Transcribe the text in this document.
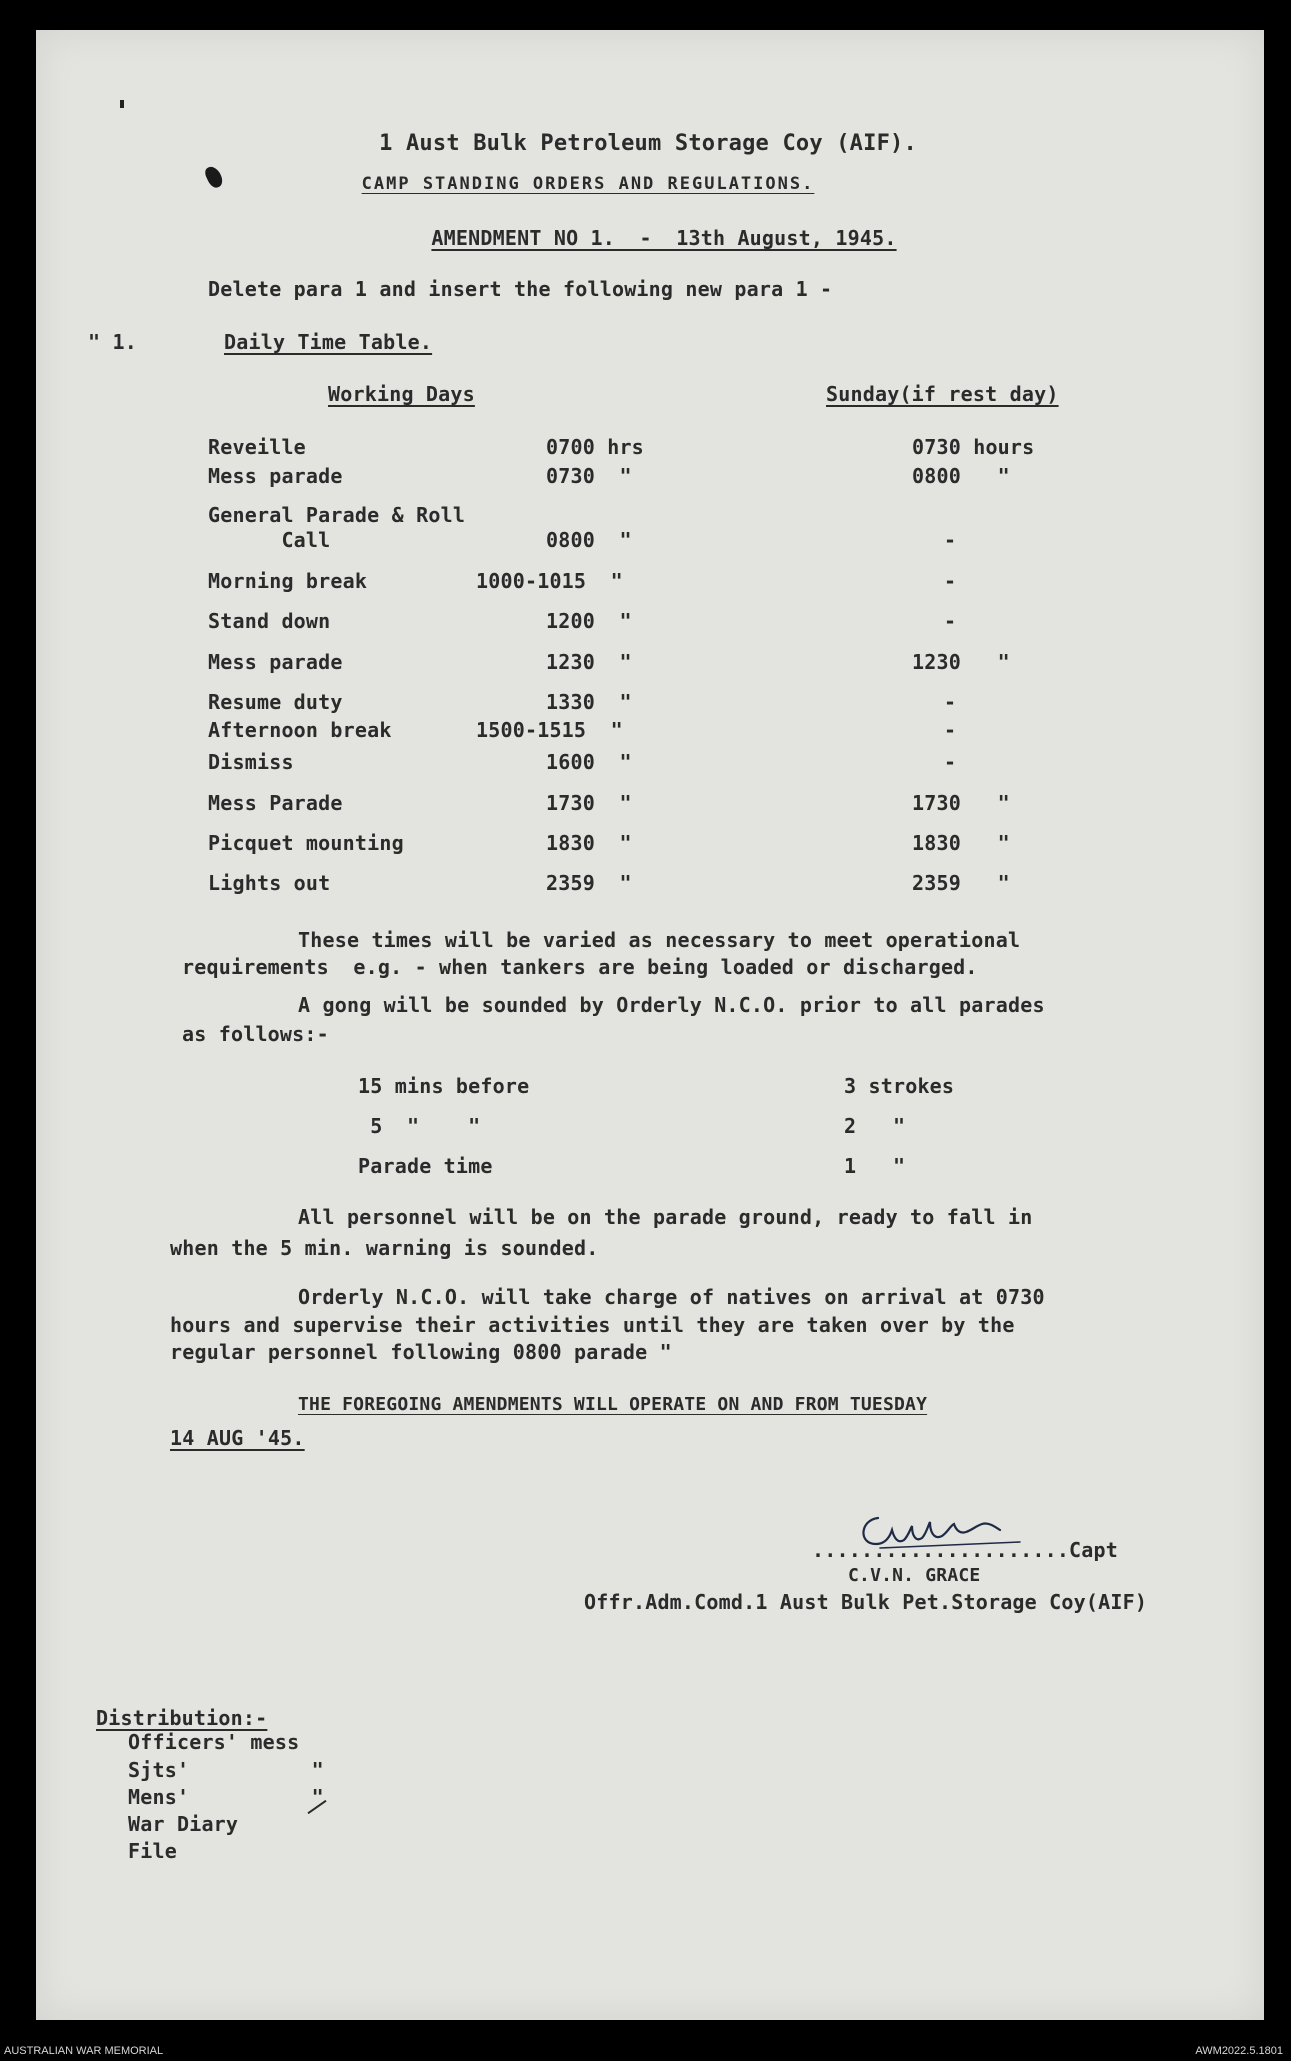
1 Aust Bulk Petroleum Storage Coy (AIF).
CAMP STANDING ORDERS AND REGULATIONS.
AMENDMENT NO 1.  -  13th August, 1945.
Delete para 1 and insert the following new para 1 -
" 1.	Daily Time Table.
Working Days	Sunday(if rest day)
Reveille	0700 hrs	0730 hours
Mess parade	0730  "	0800   "
General Parade & Roll
Call	0800  "	-
Morning break	1000-1015  "	-
Stand down	1200  "	-
Mess parade	1230  "	1230   "
Resume duty	1330  "	-
Afternoon break	1500-1515  "	-
Dismiss	1600  "	-
Mess Parade	1730  "	1730   "
Picquet mounting	1830  "	1830   "
Lights out	2359  "	2359   "
These times will be varied as necessary to meet operational
requirements  e.g. - when tankers are being loaded or discharged.
A gong will be sounded by Orderly N.C.O. prior to all parades
as follows:-
15 mins before	3 strokes
5  "    "	2   "
Parade time	1   "
All personnel will be on the parade ground, ready to fall in
when the 5 min. warning is sounded.
Orderly N.C.O. will take charge of natives on arrival at 0730
hours and supervise their activities until they are taken over by the
regular personnel following 0800 parade "
THE FOREGOING AMENDMENTS WILL OPERATE ON AND FROM TUESDAY
14 AUG '45.
.....................Capt
C.V.N. GRACE
Offr.Adm.Comd.1 Aust Bulk Pet.Storage Coy(AIF)
Distribution:-
Officers' mess
Sjts'          "
Mens'          "
War Diary
File
AUSTRALIAN WAR MEMORIAL	AWM2022.5.1801
